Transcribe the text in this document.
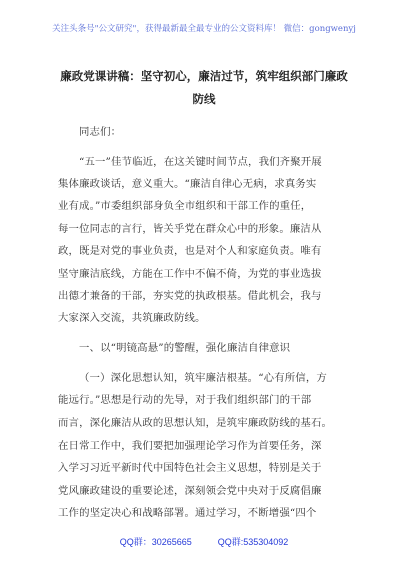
关注头条号"公文研究"，获得最新最全最专业的公文资料库！ 微信：gongwenyj
廉政党课讲稿：坚守初心，廉洁过节，筑牢组织部门廉政
防线
同志们：
“五一”佳节临近，在这关键时间节点，我们齐聚开展
集体廉政谈话，意义重大。“廉洁自律心无病，求真务实
业有成。”市委组织部身负全市组织和干部工作的重任，
每一位同志的言行，皆关乎党在群众心中的形象。廉洁从
政，既是对党的事业负责，也是对个人和家庭负责。唯有
坚守廉洁底线，方能在工作中不偏不倚，为党的事业选拔
出德才兼备的干部，夯实党的执政根基。借此机会，我与
大家深入交流，共筑廉政防线。
一、以“明镜高悬”的警醒，强化廉洁自律意识
（一）深化思想认知，筑牢廉洁根基。“心有所信，方
能远行。”思想是行动的先导，对于我们组织部门的干部
而言，深化廉洁从政的思想认知，是筑牢廉政防线的基石。
在日常工作中，我们要把加强理论学习作为首要任务，深
入学习习近平新时代中国特色社会主义思想，特别是关于
党风廉政建设的重要论述，深刻领会党中央对于反腐倡廉
工作的坚定决心和战略部署。通过学习，不断增强“四个
QQ群：30265665	QQ群:535304092
